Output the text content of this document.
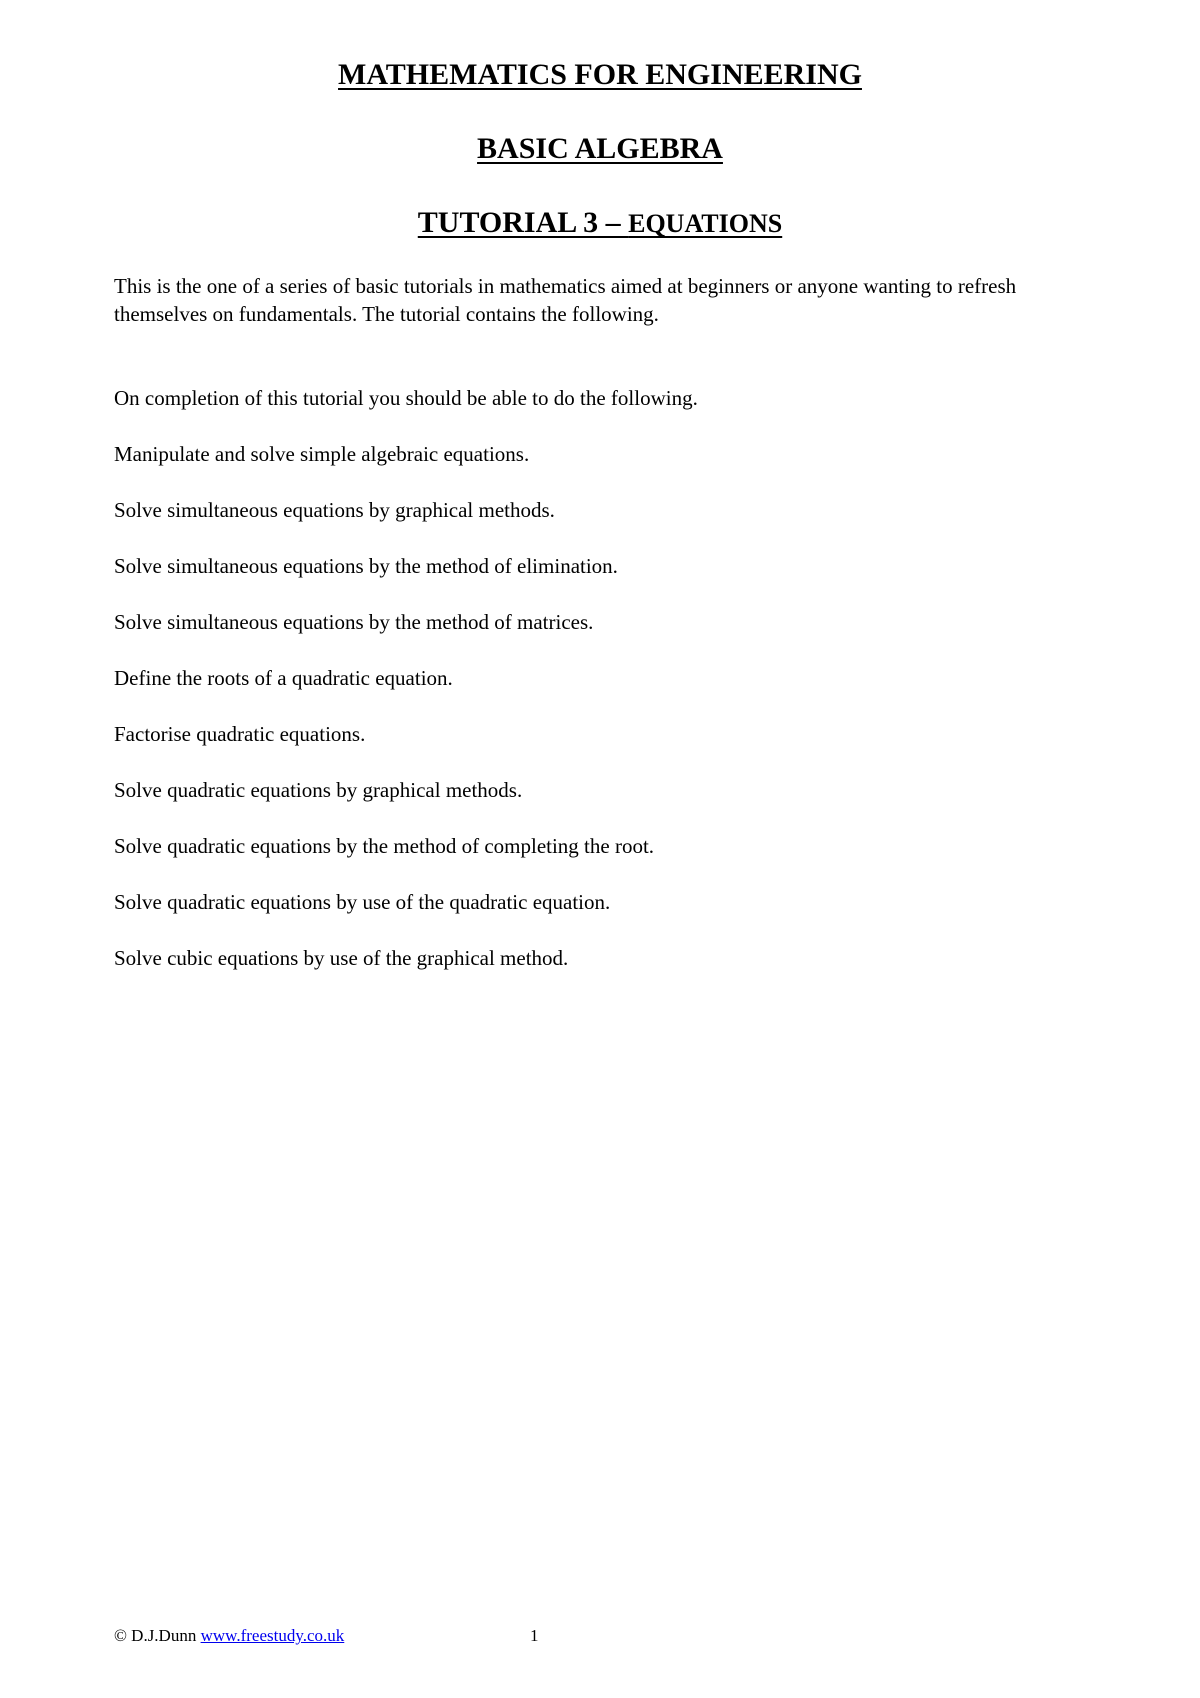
MATHEMATICS FOR ENGINEERING
BASIC ALGEBRA
TUTORIAL 3 – EQUATIONS
This is the one of a series of basic tutorials in mathematics aimed at beginners or anyone wanting to refresh themselves on fundamentals. The tutorial contains the following.

On completion of this tutorial you should be able to do the following.

Manipulate and solve simple algebraic equations.

Solve simultaneous equations by graphical methods.

Solve simultaneous equations by the method of elimination.

Solve simultaneous equations by the method of matrices.

Define the roots of a quadratic equation.

Factorise quadratic equations.

Solve quadratic equations by graphical methods.

Solve quadratic equations by the method of completing the root.

Solve quadratic equations by use of the quadratic equation.

Solve cubic equations by use of the graphical method.

© D.J.Dunn www.freestudy.co.uk	1
